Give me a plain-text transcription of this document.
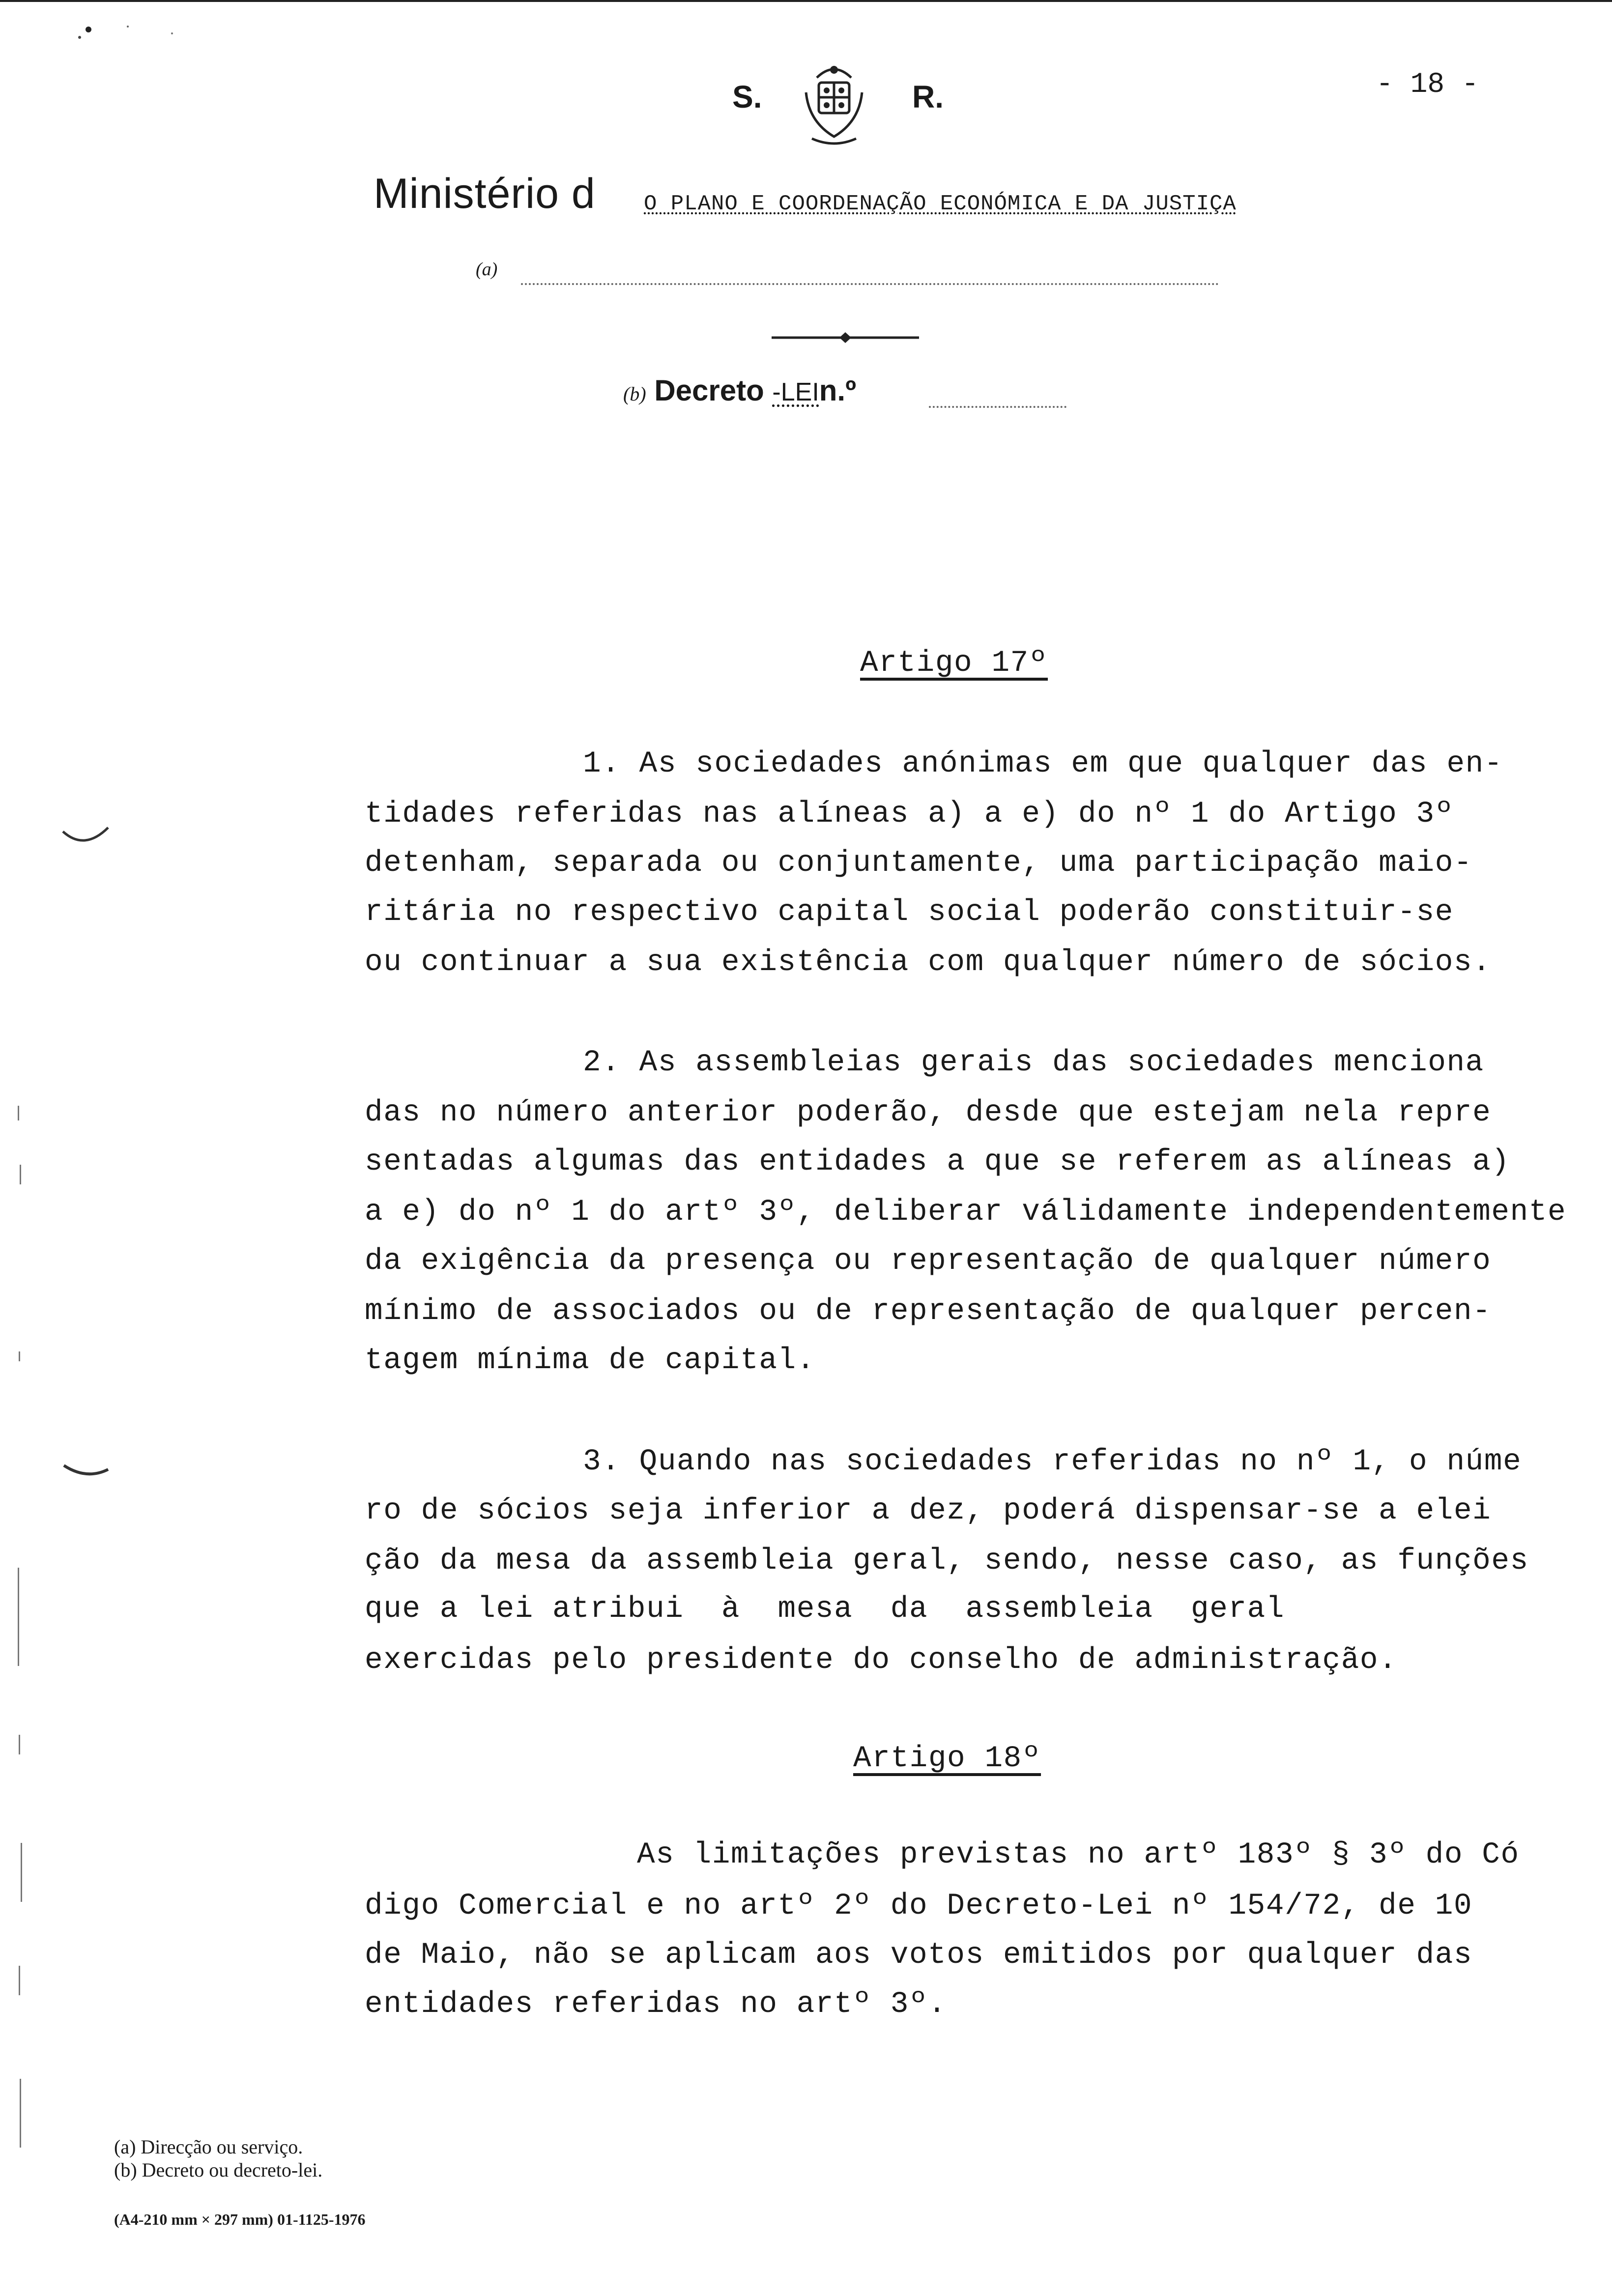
S.	R.	- 18 -
Ministério d O PLANO E COORDENAÇÃO ECONÓMICA E DA JUSTIÇA
(a)
(b) Decreto -LEIn.º
Artigo 17º
1. As sociedades anónimas em que qualquer das en-
tidades referidas nas alíneas a) a e) do nº 1 do Artigo 3º
detenham, separada ou conjuntamente, uma participação maio-
ritária no respectivo capital social poderão constituir-se
ou continuar a sua existência com qualquer número de sócios.
2. As assembleias gerais das sociedades menciona
das no número anterior poderão, desde que estejam nela repre
sentadas algumas das entidades a que se referem as alíneas a)
a e) do nº 1 do artº 3º, deliberar válidamente independentemente
da exigência da presença ou representação de qualquer número
mínimo de associados ou de representação de qualquer percen-
tagem mínima de capital.
3. Quando nas sociedades referidas no nº 1, o núme
ro de sócios seja inferior a dez, poderá dispensar-se a elei
ção da mesa da assembleia geral, sendo, nesse caso, as funções
que a lei atribui  à  mesa  da  assembleia  geral
exercidas pelo presidente do conselho de administração.
Artigo 18º
As limitações previstas no artº 183º § 3º do Có
digo Comercial e no artº 2º do Decreto-Lei nº 154/72, de 10
de Maio, não se aplicam aos votos emitidos por qualquer das
entidades referidas no artº 3º.
(a) Direcção ou serviço.
(b) Decreto ou decreto-lei.
(A4-210 mm × 297 mm) 01-1125-1976
